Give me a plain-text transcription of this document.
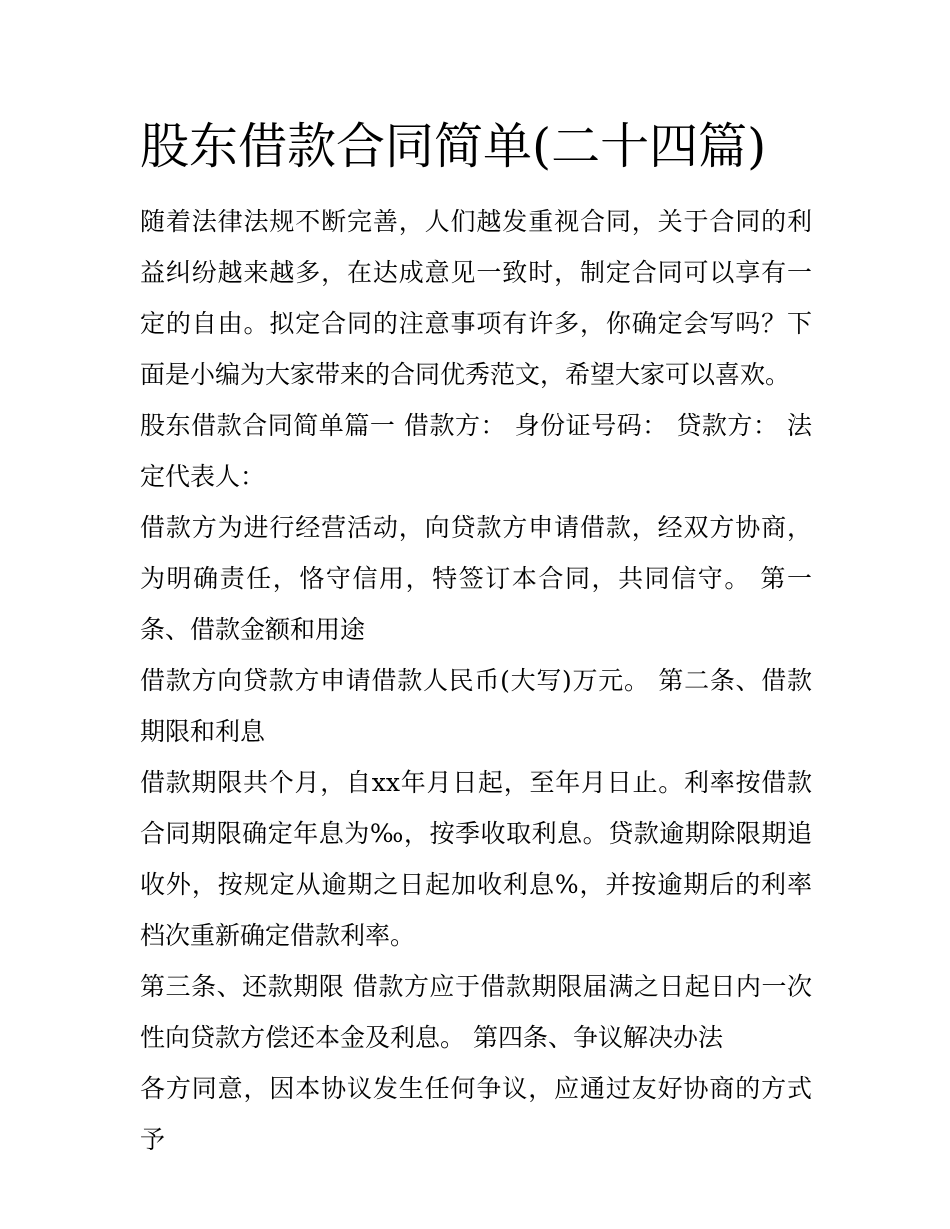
股东借款合同简单(二十四篇)

随着法律法规不断完善，人们越发重视合同，关于合同的利益纠纷越来越多，在达成意见一致时，制定合同可以享有一定的自由。拟定合同的注意事项有许多，你确定会写吗？下面是小编为大家带来的合同优秀范文，希望大家可以喜欢。

股东借款合同简单篇一 借款方： 身份证号码： 贷款方： 法定代表人：

借款方为进行经营活动，向贷款方申请借款，经双方协商，为明确责任，恪守信用，特签订本合同，共同信守。 第一条、借款金额和用途

借款方向贷款方申请借款人民币(大写)万元。 第二条、借款期限和利息

借款期限共个月，自xx年月日起，至年月日止。利率按借款合同期限确定年息为‰，按季收取利息。贷款逾期除限期追收外，按规定从逾期之日起加收利息%，并按逾期后的利率档次重新确定借款利率。

第三条、还款期限 借款方应于借款期限届满之日起日内一次性向贷款方偿还本金及利息。 第四条、争议解决办法

各方同意，因本协议发生任何争议，应通过友好协商的方式予
